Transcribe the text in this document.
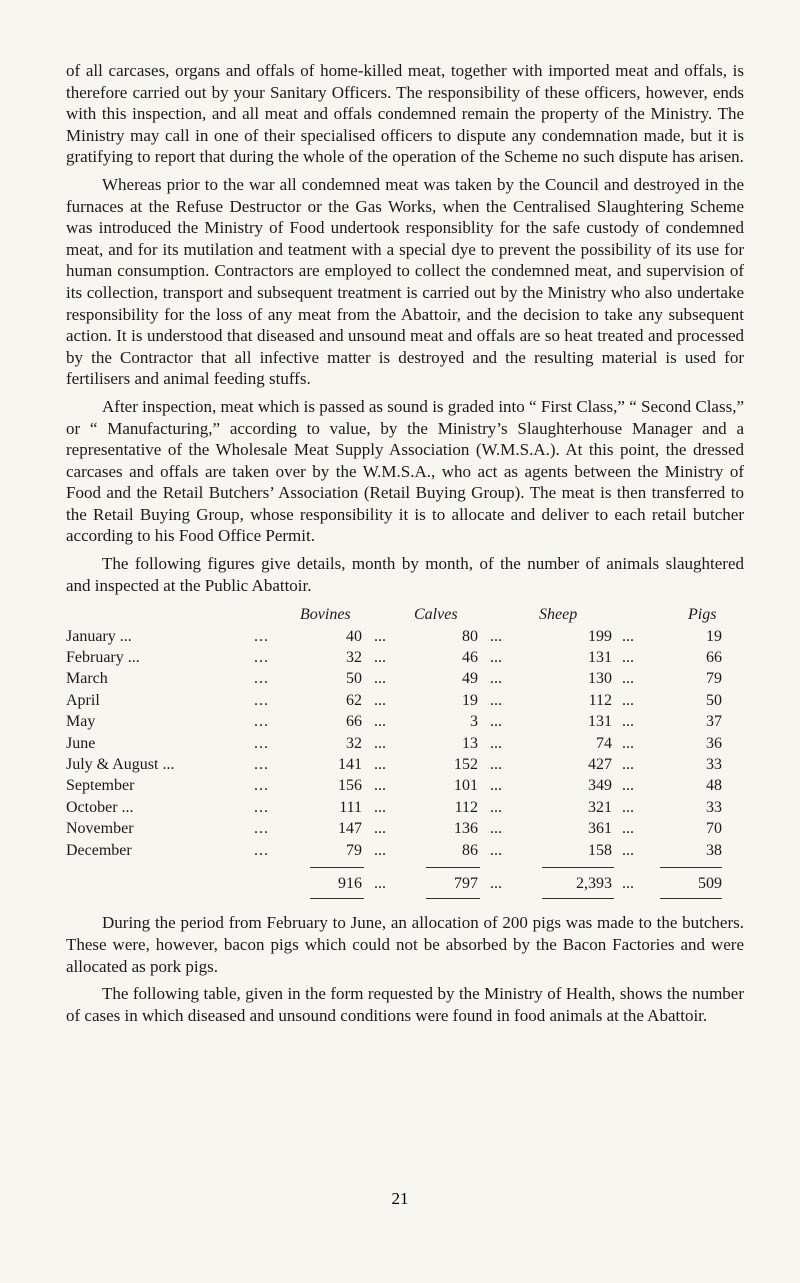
of all carcases, organs and offals of home-killed meat, together with imported meat and offals, is therefore carried out by your Sanitary Officers. The responsibility of these officers, however, ends with this inspection, and all meat and offals condemned remain the property of the Ministry. The Ministry may call in one of their specialised officers to dispute any condemnation made, but it is gratifying to report that during the whole of the operation of the Scheme no such dispute has arisen.

Whereas prior to the war all condemned meat was taken by the Council and destroyed in the furnaces at the Refuse Destructor or the Gas Works, when the Centralised Slaughtering Scheme was introduced the Ministry of Food undertook responsiblity for the safe custody of condemned meat, and for its mutilation and teatment with a special dye to prevent the possibility of its use for human consumption. Contractors are employed to collect the condemned meat, and supervision of its collection, transport and subsequent treatment is carried out by the Ministry who also undertake responsibility for the loss of any meat from the Abattoir, and the decision to take any subsequent action. It is understood that diseased and unsound meat and offals are so heat treated and processed by the Contractor that all infective matter is destroyed and the resulting material is used for fertilisers and animal feeding stuffs.

After inspection, meat which is passed as sound is graded into “ First Class,” “ Second Class,” or “ Manufacturing,” according to value, by the Ministry’s Slaughterhouse Manager and a representative of the Wholesale Meat Supply Association (W.M.S.A.). At this point, the dressed carcases and offals are taken over by the W.M.S.A., who act as agents between the Ministry of Food and the Retail Butchers’ Association (Retail Buying Group). The meat is then transferred to the Retail Buying Group, whose responsibility it is to allocate and deliver to each retail butcher according to his Food Office Permit.

The following figures give details, month by month, of the number of animals slaughtered and inspected at the Public Abattoir.

Bovines	Calves	Sheep	Pigs
January ...	...	40 ...	80 ...	199 ...	19
February ...	...	32 ...	46 ...	131 ...	66
March	...	50 ...	49 ...	130 ...	79
April	...	62 ...	19 ...	112 ...	50
May	...	66 ...	3 ...	131 ...	37
June	...	32 ...	13 ...	74 ...	36
July & August ...	...	141 ...	152 ...	427 ...	33
September	...	156 ...	101 ...	349 ...	48
October ...	...	111 ...	112 ...	321 ...	33
November	...	147 ...	136 ...	361 ...	70
December	...	79 ...	86 ...	158 ...	38
916 ...	797 ...	2,393 ...	509

During the period from February to June, an allocation of 200 pigs was made to the butchers. These were, however, bacon pigs which could not be absorbed by the Bacon Factories and were allocated as pork pigs.

The following table, given in the form requested by the Ministry of Health, shows the number of cases in which diseased and unsound conditions were found in food animals at the Abattoir.

21
